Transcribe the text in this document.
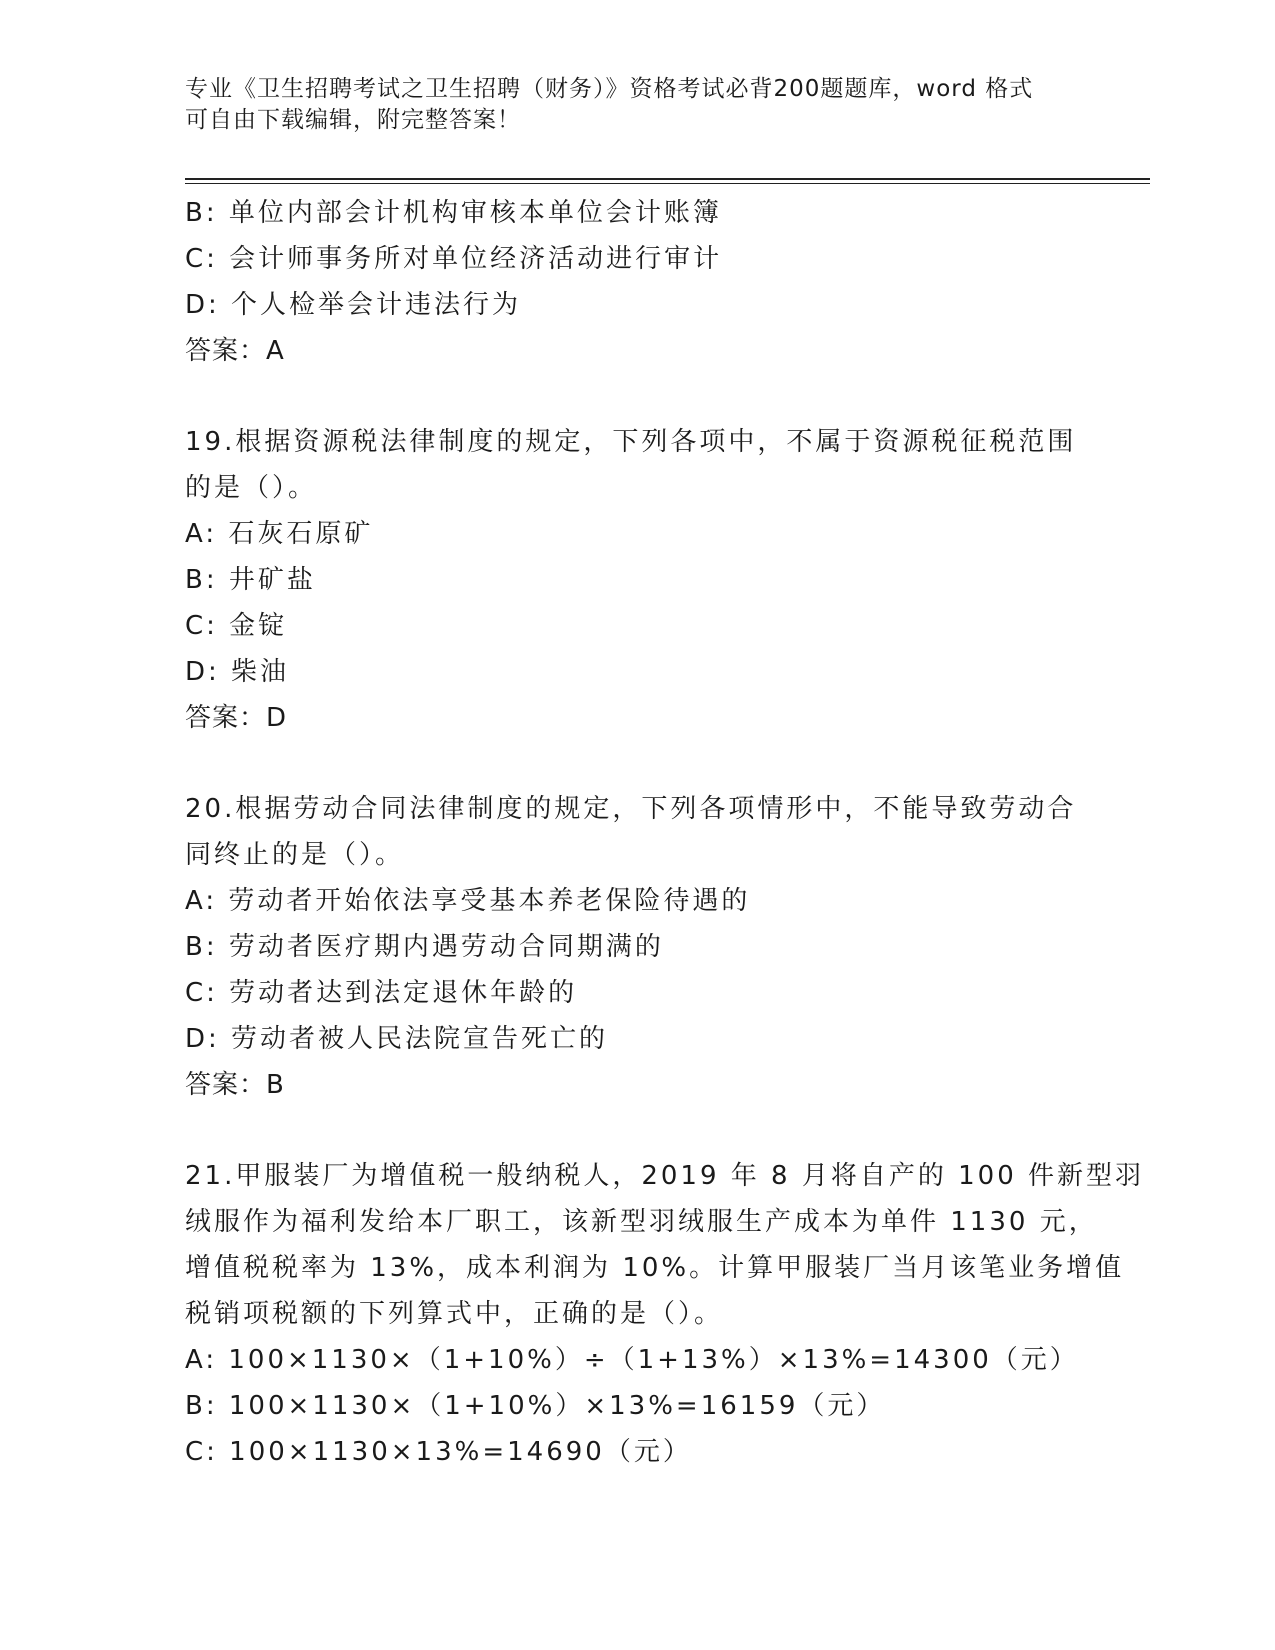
专业《卫生招聘考试之卫生招聘（财务）》资格考试必背200题题库，word 格式
可自由下载编辑，附完整答案！
B: 单位内部会计机构审核本单位会计账簿
C: 会计师事务所对单位经济活动进行审计
D: 个人检举会计违法行为
答案：A
19.根据资源税法律制度的规定，下列各项中，不属于资源税征税范围
的是（）。
A: 石灰石原矿
B: 井矿盐
C: 金锭
D: 柴油
答案：D
20.根据劳动合同法律制度的规定，下列各项情形中，不能导致劳动合
同终止的是（）。
A: 劳动者开始依法享受基本养老保险待遇的
B: 劳动者医疗期内遇劳动合同期满的
C: 劳动者达到法定退休年龄的
D: 劳动者被人民法院宣告死亡的
答案：B
21.甲服装厂为增值税一般纳税人，2019 年 8 月将自产的 100 件新型羽
绒服作为福利发给本厂职工，该新型羽绒服生产成本为单件 1130 元，
增值税税率为 13%，成本利润为 10%。计算甲服装厂当月该笔业务增值
税销项税额的下列算式中，正确的是（）。
A: 100×1130×（1+10%）÷（1+13%）×13%=14300（元）
B: 100×1130×（1+10%）×13%=16159（元）
C: 100×1130×13%=14690（元）
